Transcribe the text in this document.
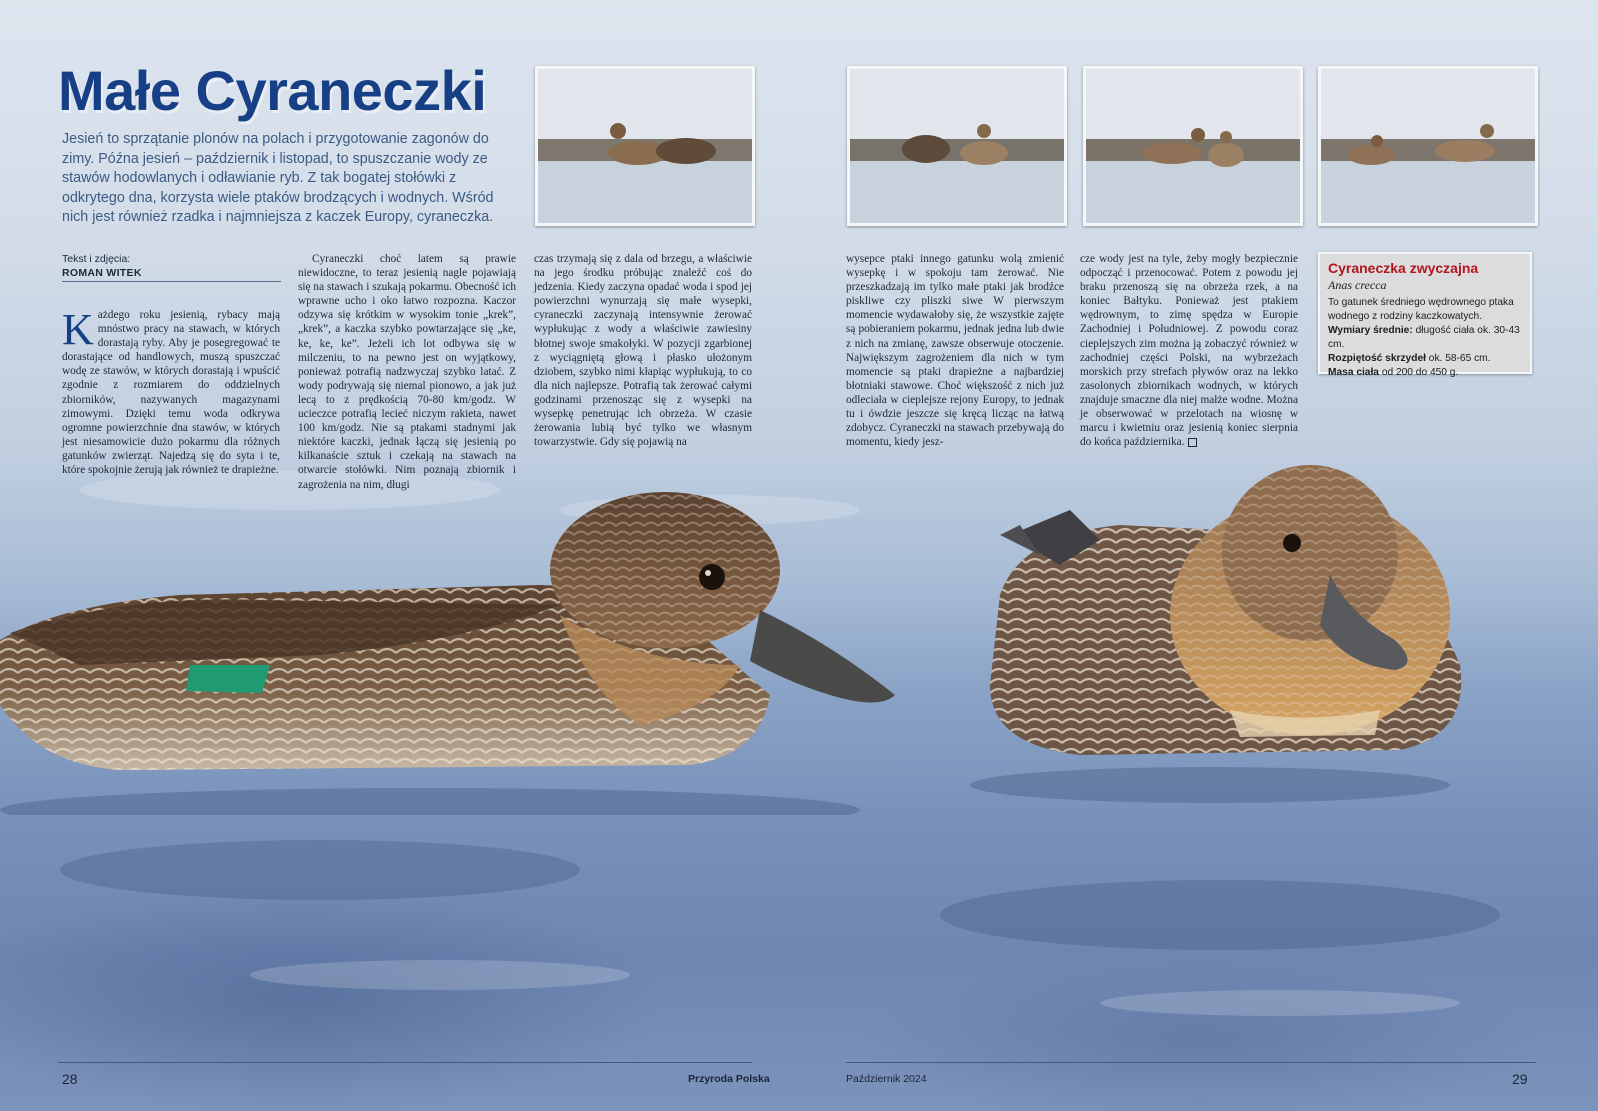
Małe Cyraneczki
Jesień to sprzątanie plonów na polach i przygotowanie zagonów do zimy. Późna jesień – październik i listopad, to spuszczanie wody ze stawów hodowlanych i odławianie ryb. Z tak bogatej stołówki z odkrytego dna, korzysta wiele ptaków brodzących i wodnych. Wśród nich jest również rzadka i najmniejsza z kaczek Europy, cyraneczka.
Tekst i zdjęcia:
ROMAN WITEK
K ażdego roku jesienią, rybacy mają mnóstwo pracy na stawach, w których dorastają ryby. Aby je posegregować te dorastające od handlowych, muszą spuszczać wodę ze stawów, w których dorastają i wpuścić zgodnie z rozmiarem do oddzielnych zbiorników, nazywanych magazynami zimowymi. Dzięki temu woda odkrywa ogromne powierzchnie dna stawów, w których jest niesamowicie dużo pokarmu dla różnych gatunków zwierząt. Najedzą się do syta i te, które spokojnie żerują jak również te drapieżne.

Cyraneczki choć latem są prawie niewidoczne, to teraz jesienią nagle pojawiają się na stawach i szukają pokarmu. Obecność ich wprawne ucho i oko łatwo rozpozna. Kaczor odzywa się krótkim w wysokim tonie „krek”, „krek”, a kaczka szybko powtarzające się „ke, ke, ke, ke”. Jeżeli ich lot odbywa się w milczeniu, to na pewno jest on wyjątkowy, ponieważ potrafią nadzwyczaj szybko latać. Z wody podrywają się niemal pionowo, a jak już lecą to z prędkością 70-80 km/godz. W ucieczce potrafią lecieć niczym rakieta, nawet 100 km/godz. Nie są ptakami stadnymi jak niektóre kaczki, jednak łączą się jesienią po kilkanaście sztuk i czekają na stawach na otwarcie stołówki. Nim poznają zbiornik i zagrożenia na nim, długi

czas trzymają się z dala od brzegu, a właściwie na jego środku próbując znaleźć coś do jedzenia. Kiedy zaczyna opadać woda i spod jej powierzchni wynurzają się małe wysepki, cyraneczki zaczynają intensywnie żerować wypłukując z wody a właściwie zawiesiny błotnej swoje smakołyki. W pozycji zgarbionej z wyciągniętą głową i płasko ułożonym dziobem, szybko nimi kłapiąc wypłukują, to co dla nich najlepsze. Potrafią tak żerować całymi godzinami przenosząc się z wysepki na wysepkę penetrując ich obrzeża. W czasie żerowania lubią być tylko we własnym towarzystwie. Gdy się pojawią na

wysepce ptaki innego gatunku wolą zmienić wysepkę i w spokoju tam żerować. Nie przeszkadzają im tylko małe ptaki jak brodźce piskliwe czy pliszki siwe W pierwszym momencie wydawałoby się, że wszystkie zajęte są pobieraniem pokarmu, jednak jedna lub dwie z nich na zmianę, zawsze obserwuje otoczenie. Największym zagrożeniem dla nich w tym momencie są ptaki drapieżne a najbardziej błotniaki stawowe. Choć większość z nich już odleciała w cieplejsze rejony Europy, to jednak tu i ówdzie jeszcze się kręcą licząc na łatwą zdobycz. Cyraneczki na stawach przebywają do momentu, kiedy jesz-

cze wody jest na tyle, żeby mogły bezpiecznie odpocząć i przenocować. Potem z powodu jej braku przenoszą się na obrzeża rzek, a na koniec Bałtyku. Ponieważ jest ptakiem wędrownym, to zimę spędza w Europie Zachodniej i Południowej. Z powodu coraz cieplejszych zim można ją zobaczyć również w zachodniej części Polski, na wybrzeżach morskich przy strefach pływów oraz na lekko zasolonych zbiornikach wodnych, w których znajduje smaczne dla niej małże wodne. Można je obserwować w przelotach na wiosnę w marcu i kwietniu oraz jesienią koniec sierpnia do końca października.
Cyraneczka zwyczajna
Anas crecca
To gatunek średniego wędrownego ptaka wodnego z rodziny kaczkowatych.
Wymiary średnie: długość ciała ok. 30-43 cm.
Rozpiętość skrzydeł ok. 58-65 cm.
Masa ciała od 200 do 450 g.
28	Przyroda Polska	Październik 2024	29
